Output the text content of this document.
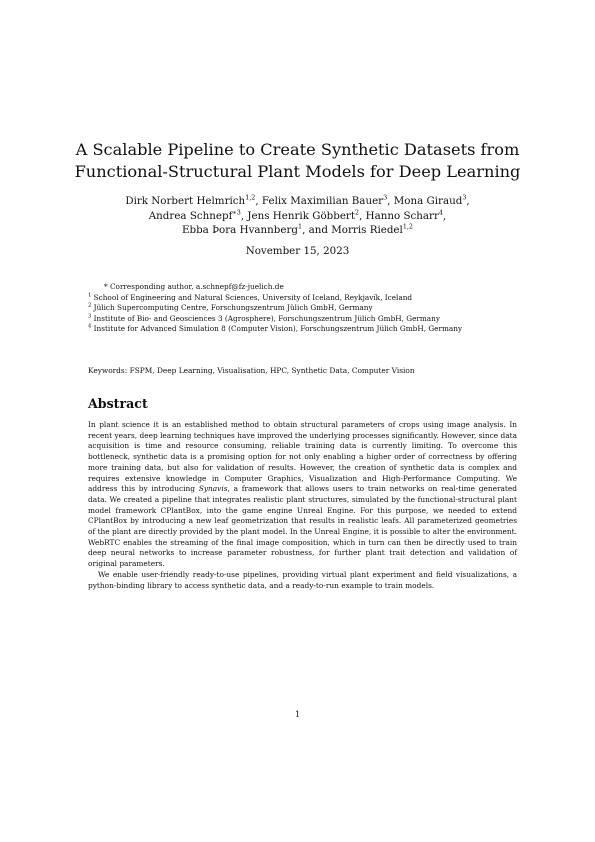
A Scalable Pipeline to Create Synthetic Datasets from Functional-Structural Plant Models for Deep Learning
Dirk Norbert Helmrich$^{1,2}$, Felix Maximilian Bauer$^3$, Mona Giraud$^3$,
Andrea Schnepf$^{∗3}$, Jens Henrik Göbbert$^2$, Hanno Scharr$^4$,
Ebba Þora Hvannberg$^1$, and Morris Riedel$^{1,2}$
November 15, 2023
* Corresponding author, a.schnepf@fz-juelich.de
$^1$ School of Engineering and Natural Sciences, University of Iceland, Reykjavík, Iceland
$^2$ Jülich Supercomputing Centre, Forschungszentrum Jülich GmbH, Germany
$^3$ Institute of Bio- and Geosciences 3 (Agrosphere), Forschungszentrum Jülich GmbH, Germany
$^4$ Institute for Advanced Simulation 8 (Computer Vision), Forschungszentrum Jülich GmbH, Germany
Keywords: FSPM, Deep Learning, Visualisation, HPC, Synthetic Data, Computer Vision
Abstract

In plant science it is an established method to obtain structural parameters of crops using image analysis. In recent years, deep learning techniques have improved the underlying processes significantly. However, since data acquisition is time and resource consuming, reliable training data is currently limiting. To overcome this bottleneck, synthetic data is a promising option for not only enabling a higher order of correctness by offering more training data, but also for validation of results. However, the creation of synthetic data is complex and requires extensive knowledge in Computer Graphics, Visualization and High-Performance Computing. We address this by introducing Synavis, a framework that allows users to train networks on real-time generated data. We created a pipeline that integrates realistic plant structures, simulated by the functional-structural plant model framework CPlantBox, into the game engine Unreal Engine. For this purpose, we needed to extend CPlantBox by introducing a new leaf geometrization that results in realistic leafs. All parameterized geometries of the plant are directly provided by the plant model. In the Unreal Engine, it is possible to alter the environment. WebRTC enables the streaming of the final image composition, which in turn can then be directly used to train deep neural networks to increase parameter robustness, for further plant trait detection and validation of original parameters.

We enable user-friendly ready-to-use pipelines, providing virtual plant experiment and field visualizations, a python-binding library to access synthetic data, and a ready-to-run example to train models.

1
